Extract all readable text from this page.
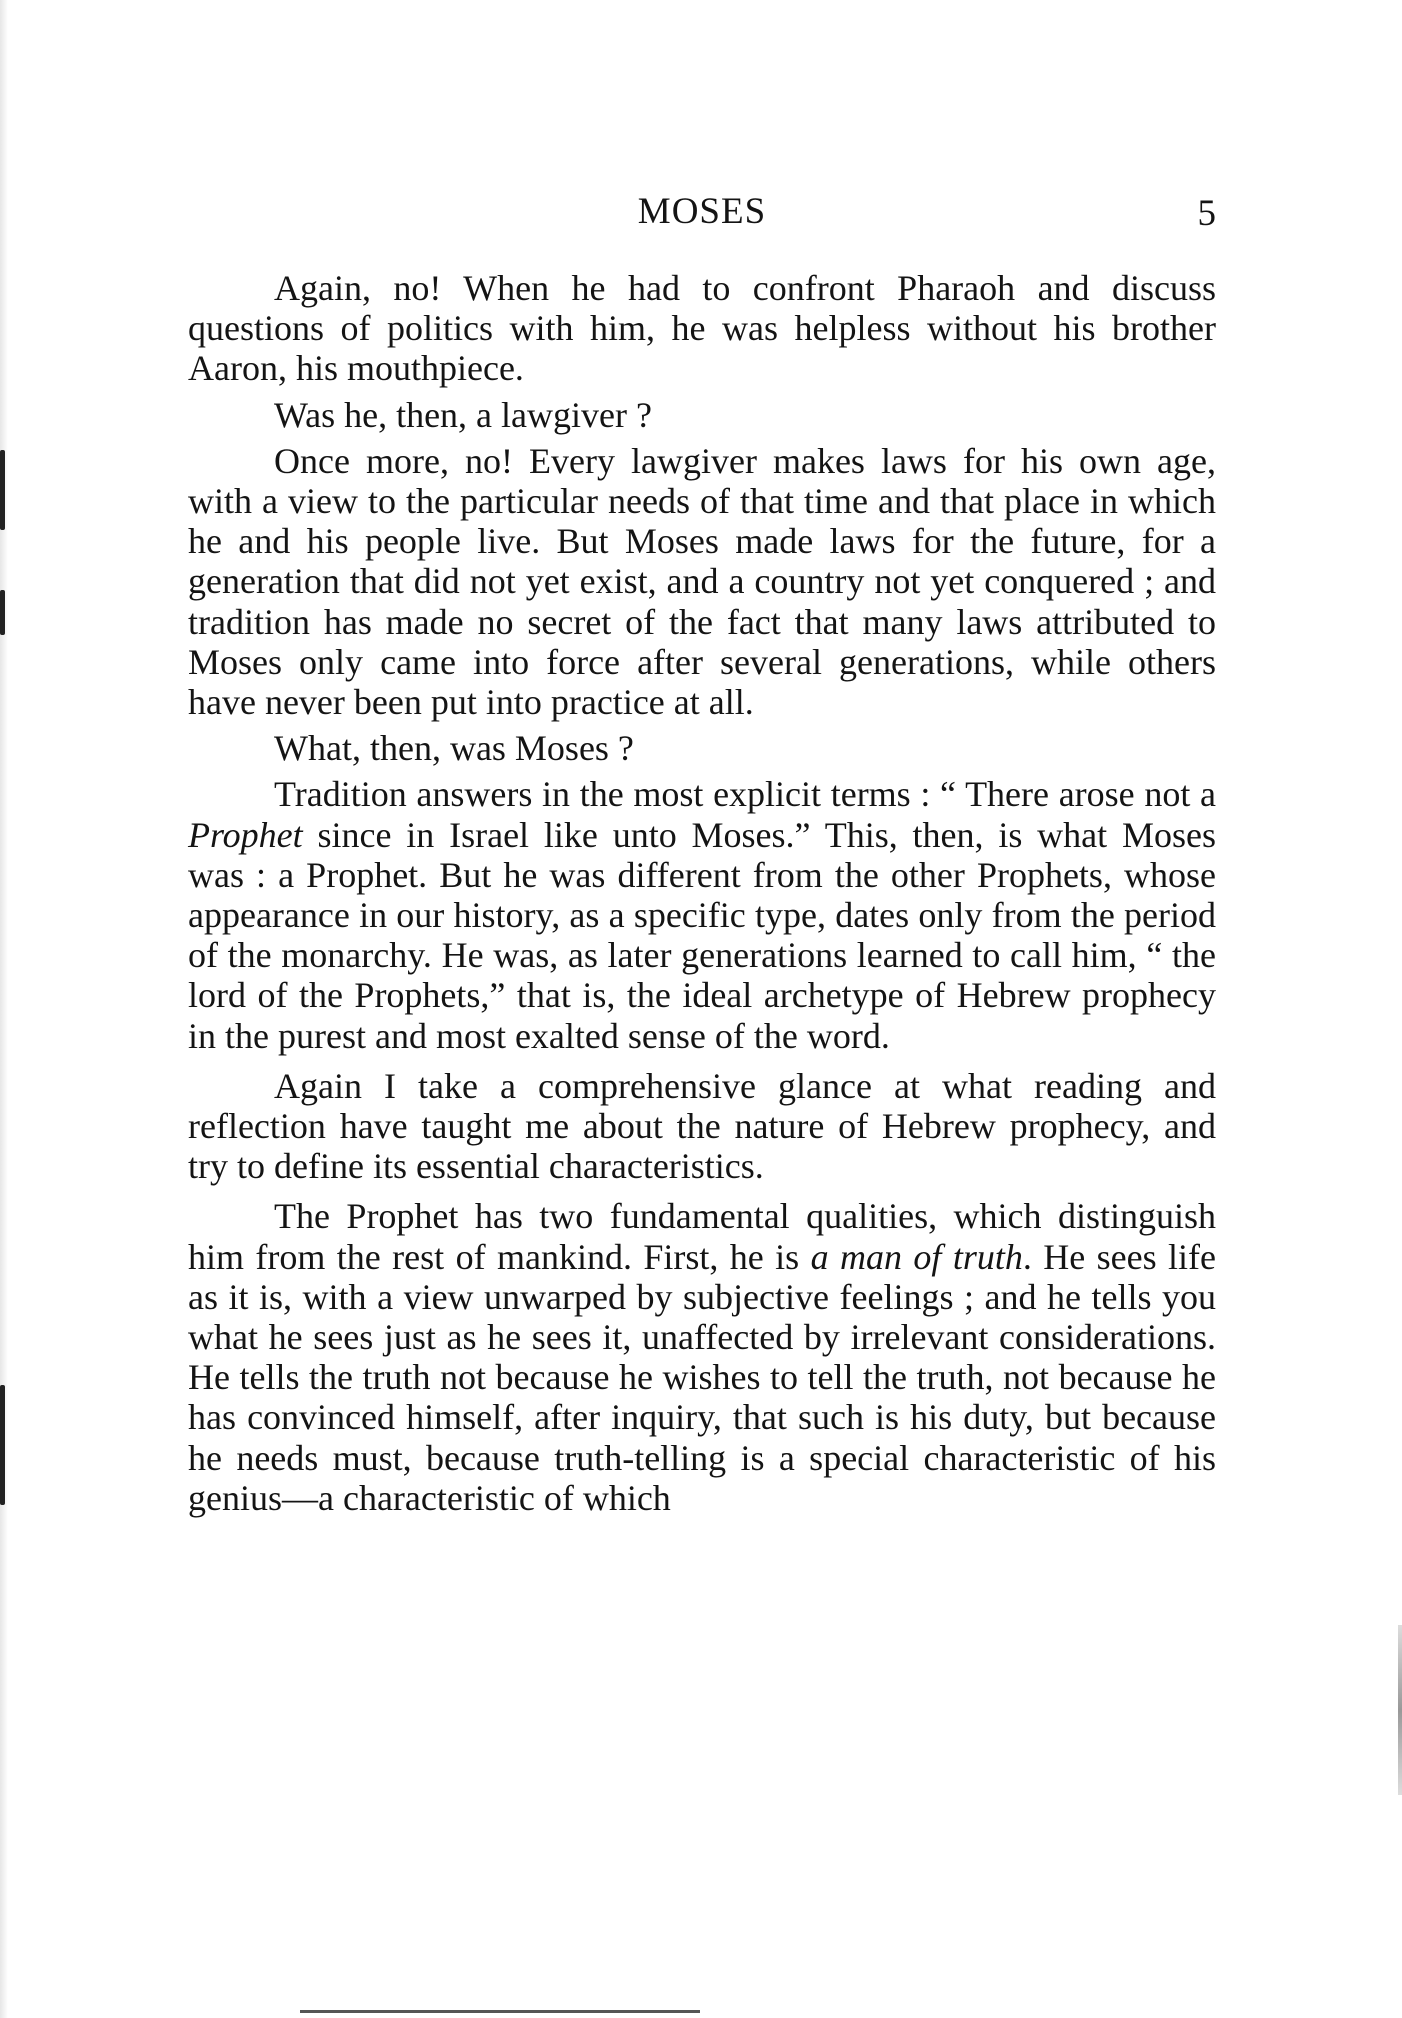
MOSES	5

Again, no! When he had to confront Pharaoh and discuss questions of politics with him, he was helpless without his brother Aaron, his mouthpiece.

Was he, then, a lawgiver ?

Once more, no! Every lawgiver makes laws for his own age, with a view to the particular needs of that time and that place in which he and his people live. But Moses made laws for the future, for a generation that did not yet exist, and a country not yet conquered ; and tradition has made no secret of the fact that many laws attributed to Moses only came into force after several generations, while others have never been put into practice at all.

What, then, was Moses ?

Tradition answers in the most explicit terms : “ There arose not a Prophet since in Israel like unto Moses.” This, then, is what Moses was : a Prophet. But he was different from the other Prophets, whose appearance in our history, as a specific type, dates only from the period of the monarchy. He was, as later generations learned to call him, “ the lord of the Prophets,” that is, the ideal archetype of Hebrew prophecy in the purest and most exalted sense of the word.

Again I take a comprehensive glance at what reading and reflection have taught me about the nature of Hebrew prophecy, and try to define its essential characteristics.

The Prophet has two fundamental qualities, which distinguish him from the rest of mankind. First, he is a man of truth. He sees life as it is, with a view unwarped by subjective feelings ; and he tells you what he sees just as he sees it, unaffected by irrelevant considerations. He tells the truth not because he wishes to tell the truth, not because he has convinced himself, after inquiry, that such is his duty, but because he needs must, because truth-telling is a special characteristic of his genius—a characteristic of which
